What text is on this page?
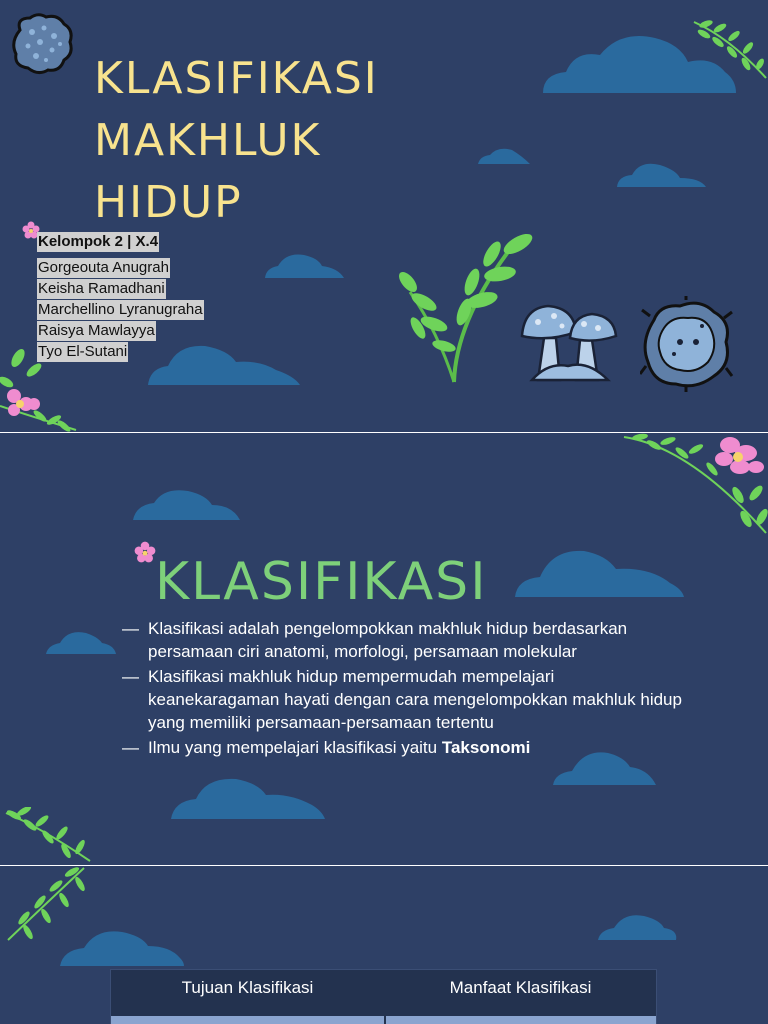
KLASIFIKASI
MAKHLUK
HIDUP
Kelompok 2 | X.4
Gorgeouta Anugrah
Keisha Ramadhani
Marchellino Lyranugraha
Raisya Mawlayya
Tyo El-Sutani
KLASIFIKASI
— Klasifikasi adalah pengelompokkan makhluk hidup berdasarkan persamaan ciri anatomi, morfologi, persamaan molekular
— Klasifikasi makhluk hidup mempermudah mempelajari keanekaragaman hayati dengan cara mengelompokkan makhluk hidup yang memiliki persamaan-persamaan tertentu
— Ilmu yang mempelajari klasifikasi yaitu Taksonomi
Tujuan Klasifikasi	Manfaat Klasifikasi
